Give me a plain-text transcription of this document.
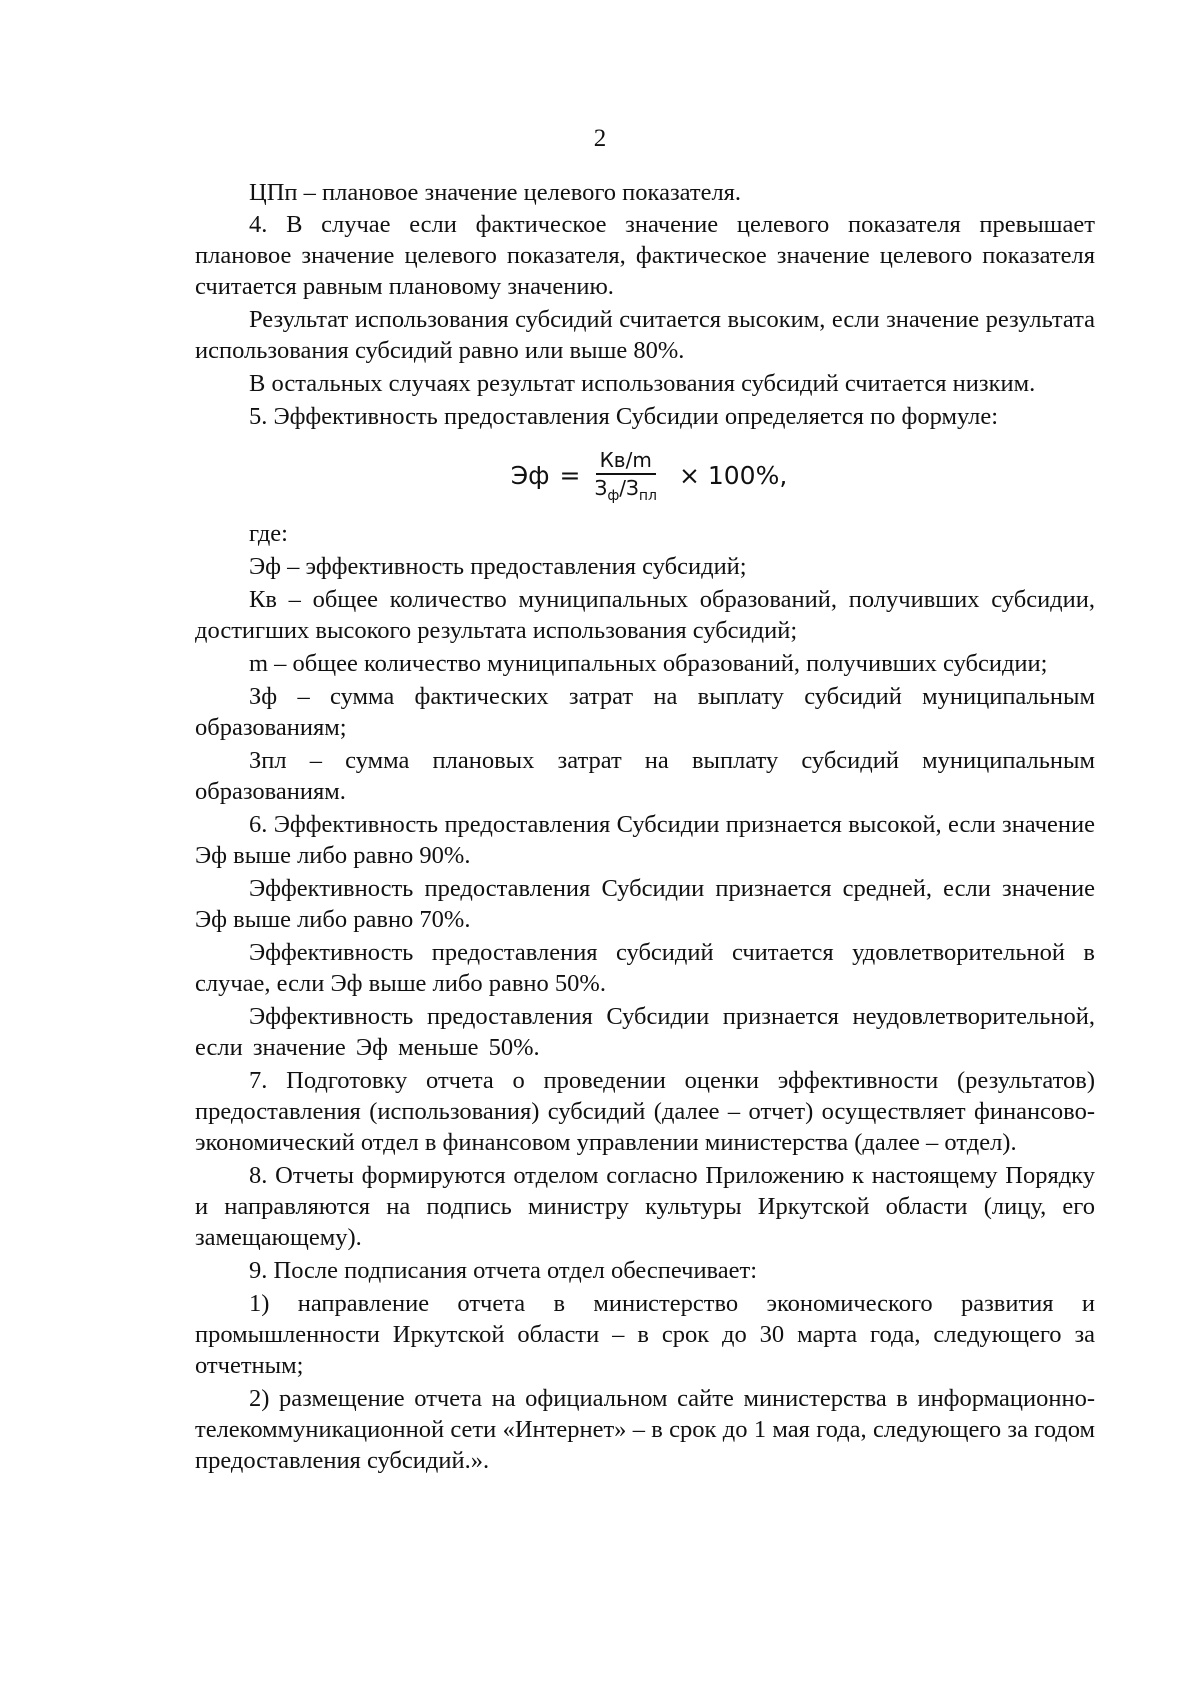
2

ЦПп – плановое значение целевого показателя.

4. В случае если фактическое значение целевого показателя превышает плановое значение целевого показателя, фактическое значение целевого показателя считается равным плановому значению.

Результат использования субсидий считается высоким, если значение результата использования субсидий равно или выше 80%.

В остальных случаях результат использования субсидий считается низким.

5. Эффективность предоставления Субсидии определяется по формуле:

Эф = $\frac{Кв/m}{З_ф/З_{пл}} \times 100\%$,

где:

Эф – эффективность предоставления субсидий;

Кв – общее количество муниципальных образований, получивших субсидии, достигших высокого результата использования субсидий;

m – общее количество муниципальных образований, получивших субсидии;

Зф – сумма фактических затрат на выплату субсидий муниципальным образованиям;

Зпл – сумма плановых затрат на выплату субсидий муниципальным образованиям.

6. Эффективность предоставления Субсидии признается высокой, если значение Эф выше либо равно 90%.

Эффективность предоставления Субсидии признается средней, если значение Эф выше либо равно 70%.

Эффективность предоставления субсидий считается удовлетворительной в случае, если Эф выше либо равно 50%.

Эффективность предоставления Субсидии признается неудовлетворительной, если значение Эф меньше 50%.

7. Подготовку отчета о проведении оценки эффективности (результатов) предоставления (использования) субсидий (далее – отчет) осуществляет финансово-экономический отдел в финансовом управлении министерства (далее – отдел).

8. Отчеты формируются отделом согласно Приложению к настоящему Порядку и направляются на подпись министру культуры Иркутской области (лицу, его замещающему).

9. После подписания отчета отдел обеспечивает:

1) направление отчета в министерство экономического развития и промышленности Иркутской области – в срок до 30 марта года, следующего за отчетным;

2) размещение отчета на официальном сайте министерства в информационно-телекоммуникационной сети «Интернет» – в срок до 1 мая года, следующего за годом предоставления субсидий.».
